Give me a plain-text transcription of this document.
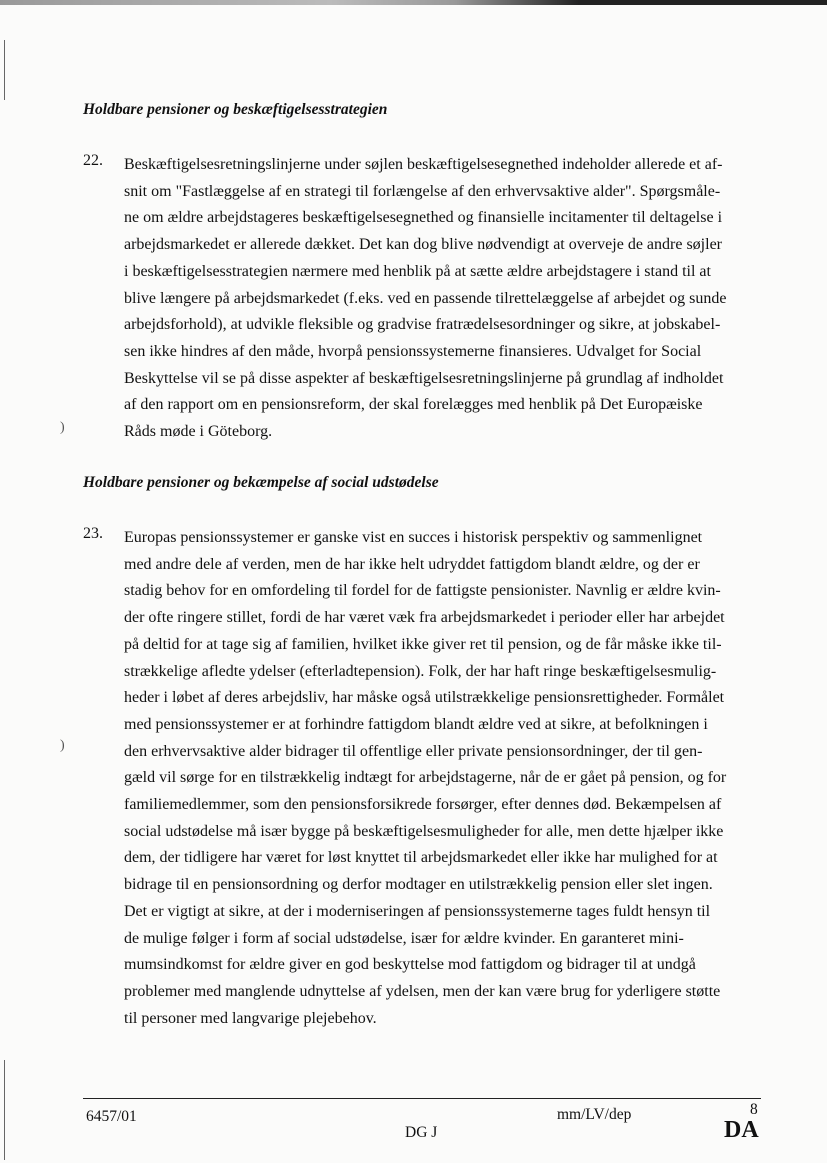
Holdbare pensioner og beskæftigelsesstrategien
22. Beskæftigelsesretningslinjerne under søjlen beskæftigelsesegnethed indeholder allerede et af-
snit om "Fastlæggelse af en strategi til forlængelse af den erhvervsaktive alder". Spørgsmåle-
ne om ældre arbejdstageres beskæftigelsesegnethed og finansielle incitamenter til deltagelse i
arbejdsmarkedet er allerede dækket. Det kan dog blive nødvendigt at overveje de andre søjler
i beskæftigelsesstrategien nærmere med henblik på at sætte ældre arbejdstagere i stand til at
blive længere på arbejdsmarkedet (f.eks. ved en passende tilrettelæggelse af arbejdet og sunde
arbejdsforhold), at udvikle fleksible og gradvise fratrædelsesordninger og sikre, at jobskabel-
sen ikke hindres af den måde, hvorpå pensionssystemerne finansieres. Udvalget for Social
Beskyttelse vil se på disse aspekter af beskæftigelsesretningslinjerne på grundlag af indholdet
af den rapport om en pensionsreform, der skal forelægges med henblik på Det Europæiske
Råds møde i Göteborg.
Holdbare pensioner og bekæmpelse af social udstødelse
23. Europas pensionssystemer er ganske vist en succes i historisk perspektiv og sammenlignet
med andre dele af verden, men de har ikke helt udryddet fattigdom blandt ældre, og der er
stadig behov for en omfordeling til fordel for de fattigste pensionister. Navnlig er ældre kvin-
der ofte ringere stillet, fordi de har været væk fra arbejdsmarkedet i perioder eller har arbejdet
på deltid for at tage sig af familien, hvilket ikke giver ret til pension, og de får måske ikke til-
strækkelige afledte ydelser (efterladtepension). Folk, der har haft ringe beskæftigelsesmulig-
heder i løbet af deres arbejdsliv, har måske også utilstrækkelige pensionsrettigheder. Formålet
med pensionssystemer er at forhindre fattigdom blandt ældre ved at sikre, at befolkningen i
den erhvervsaktive alder bidrager til offentlige eller private pensionsordninger, der til gen-
gæld vil sørge for en tilstrækkelig indtægt for arbejdstagerne, når de er gået på pension, og for
familiemedlemmer, som den pensionsforsikrede forsørger, efter dennes død. Bekæmpelsen af
social udstødelse må især bygge på beskæftigelsesmuligheder for alle, men dette hjælper ikke
dem, der tidligere har været for løst knyttet til arbejdsmarkedet eller ikke har mulighed for at
bidrage til en pensionsordning og derfor modtager en utilstrækkelig pension eller slet ingen.
Det er vigtigt at sikre, at der i moderniseringen af pensionssystemerne tages fuldt hensyn til
de mulige følger i form af social udstødelse, især for ældre kvinder. En garanteret mini-
mumsindkomst for ældre giver en god beskyttelse mod fattigdom og bidrager til at undgå
problemer med manglende udnyttelse af ydelsen, men der kan være brug for yderligere støtte
til personer med langvarige plejebehov.
)
)
6457/01
DG J
mm/LV/dep	8
DA
